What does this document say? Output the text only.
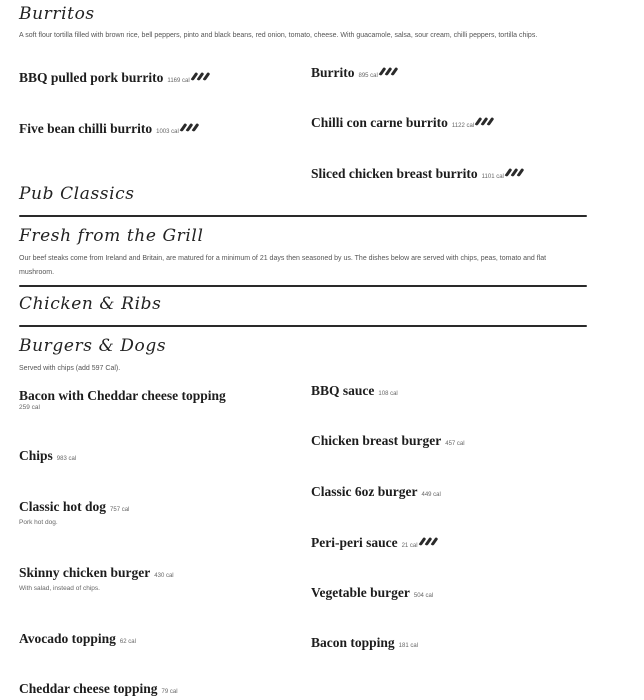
Burritos

A soft flour tortilla filled with brown rice, bell peppers, pinto and black beans, red onion, tomato, cheese. With guacamole, salsa, sour cream, chilli peppers, tortilla chips.

BBQ pulled pork burrito 1169 cal
Burrito 895 cal
Five bean chilli burrito 1003 cal
Chilli con carne burrito 1122 cal
Sliced chicken breast burrito 1101 cal
Pub Classics
Fresh from the Grill

Our beef steaks come from Ireland and Britain, are matured for a minimum of 21 days then seasoned by us. The dishes below are served with chips, peas, tomato and flat mushroom.

Chicken & Ribs
Burgers & Dogs

Served with chips (add 597 Cal).

Bacon with Cheddar cheese topping

259 cal

Chips 983 cal
Classic hot dog 757 cal

Pork hot dog.

Skinny chicken burger 430 cal

With salad, instead of chips.

Avocado topping 62 cal
Cheddar cheese topping 79 cal
BBQ sauce 108 cal
Chicken breast burger 457 cal
Classic 6oz burger 449 cal
Peri-peri sauce 21 cal
Vegetable burger 504 cal
Bacon topping 181 cal
